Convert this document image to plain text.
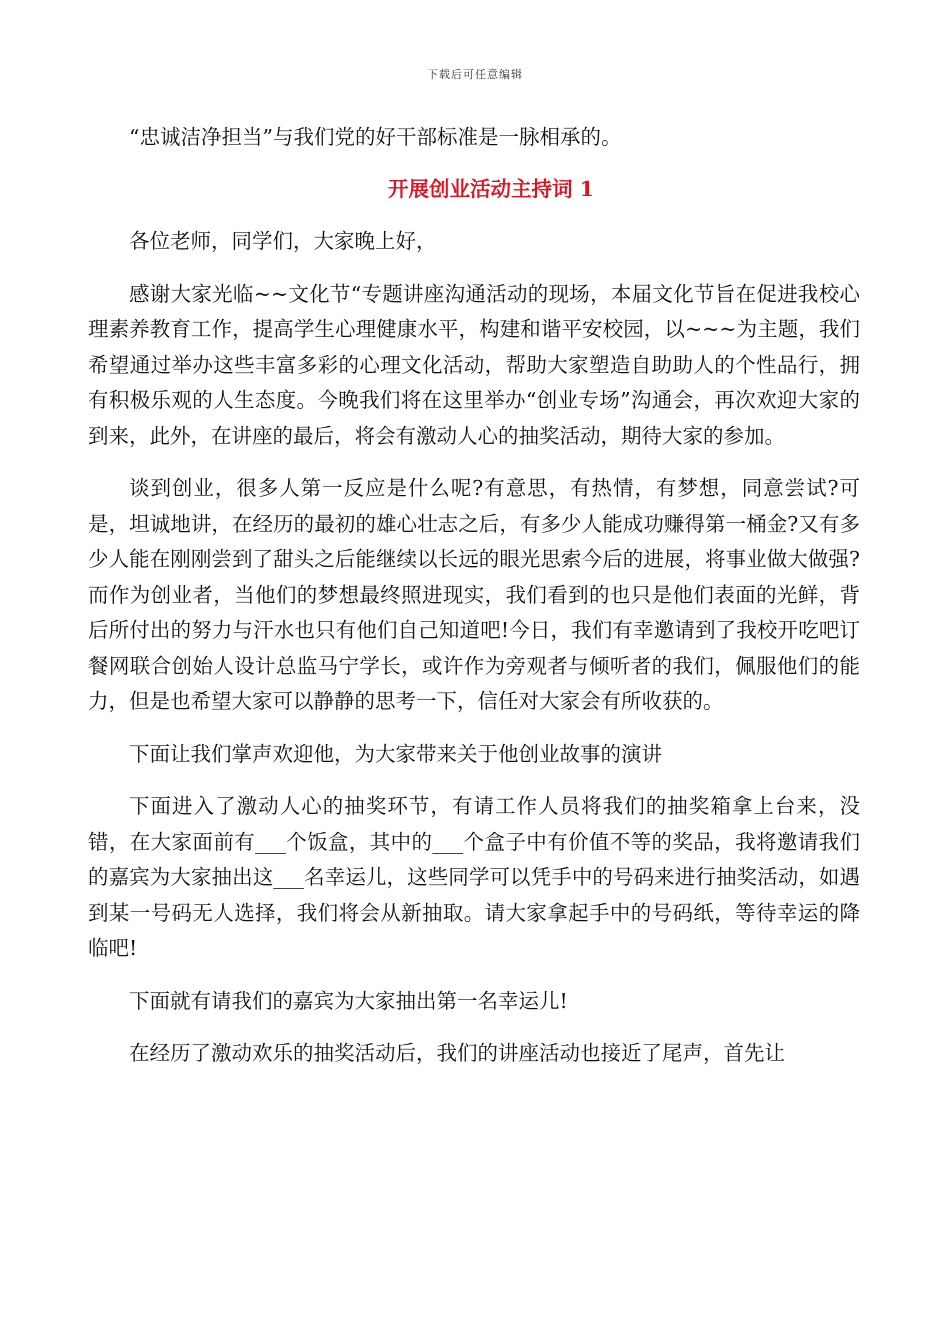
下载后可任意编辑

“忠诚洁净担当”与我们党的好干部标准是一脉相承的。

开展创业活动主持词 1

各位老师，同学们，大家晚上好，

感谢大家光临~~文化节“专题讲座沟通活动的现场，本届文化节旨在促进我校心理素养教育工作，提高学生心理健康水平，构建和谐平安校园，以~~~为主题，我们希望通过举办这些丰富多彩的心理文化活动，帮助大家塑造自助助人的个性品行，拥有积极乐观的人生态度。今晚我们将在这里举办“创业专场”沟通会，再次欢迎大家的到来，此外，在讲座的最后，将会有激动人心的抽奖活动，期待大家的参加。

谈到创业，很多人第一反应是什么呢?有意思，有热情，有梦想，同意尝试?可是，坦诚地讲，在经历的最初的雄心壮志之后，有多少人能成功赚得第一桶金?又有多少人能在刚刚尝到了甜头之后能继续以长远的眼光思索今后的进展，将事业做大做强?而作为创业者，当他们的梦想最终照进现实，我们看到的也只是他们表面的光鲜，背后所付出的努力与汗水也只有他们自己知道吧!今日，我们有幸邀请到了我校开吃吧订餐网联合创始人设计总监马宁学长，或许作为旁观者与倾听者的我们，佩服他们的能力，但是也希望大家可以静静的思考一下，信任对大家会有所收获的。

下面让我们掌声欢迎他，为大家带来关于他创业故事的演讲

下面进入了激动人心的抽奖环节，有请工作人员将我们的抽奖箱拿上台来，没错，在大家面前有___个饭盒，其中的___个盒子中有价值不等的奖品，我将邀请我们的嘉宾为大家抽出这___名幸运儿，这些同学可以凭手中的号码来进行抽奖活动，如遇到某一号码无人选择，我们将会从新抽取。请大家拿起手中的号码纸，等待幸运的降临吧!

下面就有请我们的嘉宾为大家抽出第一名幸运儿!

在经历了激动欢乐的抽奖活动后，我们的讲座活动也接近了尾声，首先让
